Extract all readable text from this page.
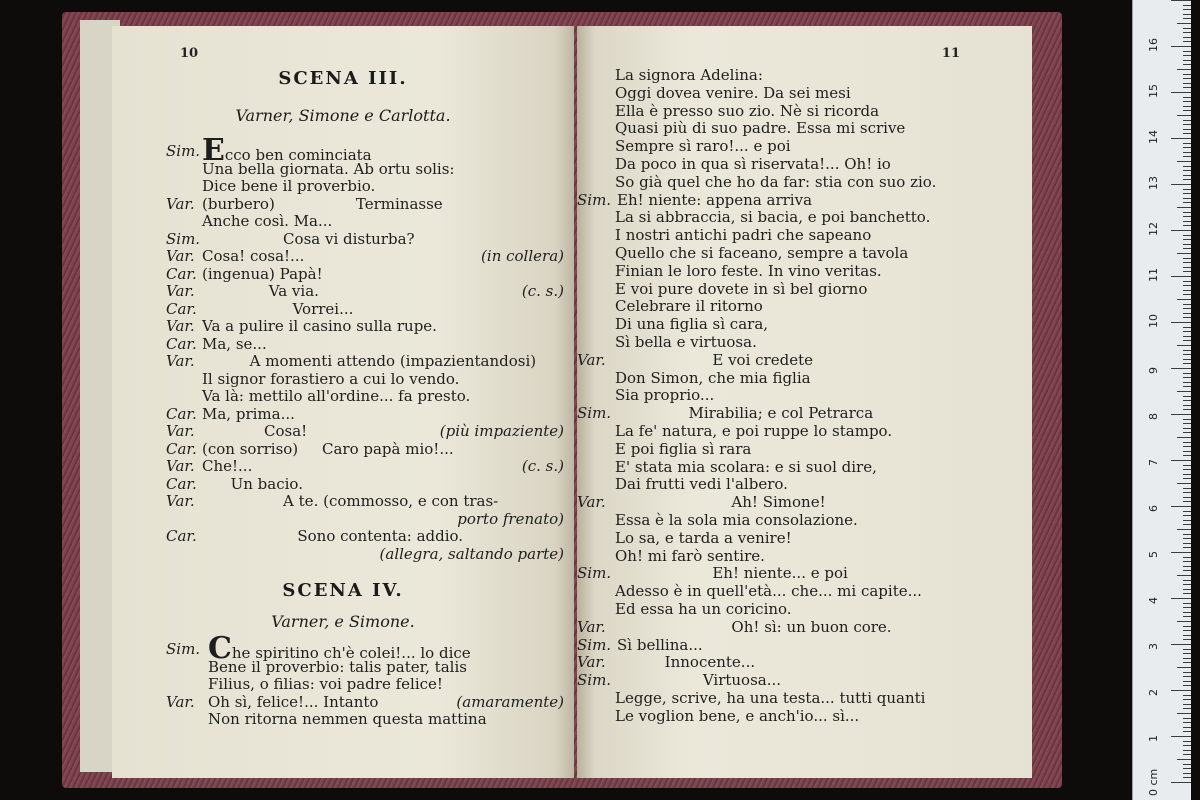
10
SCENA III.
Varner, Simone e Carlotta.
Sim. Ecco ben cominciata
Una bella giornata. Ab ortu solis:
Dice bene il proverbio.
Var. (burbero)                 Terminasse
Anche così. Ma...
Sim. Cosa vi disturba?
Var. Cosa! cosa!...	(in collera)
Car. (ingenua) Papà!
Var. Va via.	(c. s.)
Car. Vorrei...
Var. Va a pulire il casino sulla rupe.
Car. Ma, se...
Var. A momenti attendo (impazientandosi)
Il signor forastiero a cui lo vendo.
Va là: mettilo all'ordine... fa presto.
Car. Ma, prima...
Var. Cosa!	(più impaziente)
Car. (con sorriso)     Caro papà mio!...
Var. Che!...	(c. s.)
Car. Un bacio.
Var. A te. (commosso, e con tras-
porto frenato)
Car. Sono contenta: addio.
(allegra, saltando parte)
SCENA IV.
Varner, e Simone.
Sim. Che spiritino ch'è colei!... lo dice
Bene il proverbio: talis pater, talis
Filius, o filias: voi padre felice!
Var. Oh sì, felice!... Intanto	(amaramente)
Non ritorna nemmen questa mattina
11
La signora Adelina:
Oggi dovea venire. Da sei mesi
Ella è presso suo zio. Nè si ricorda
Quasi più di suo padre. Essa mi scrive
Sempre sì raro!... e poi
Da poco in qua sì riservata!... Oh! io
So già quel che ho da far: stia con suo zio.
Sim. Eh! niente: appena arriva
La si abbraccia, si bacia, e poi banchetto.
I nostri antichi padri che sapeano
Quello che si faceano, sempre a tavola
Finian le loro feste. In vino veritas.
E voi pure dovete in sì bel giorno
Celebrare il ritorno
Di una figlia sì cara,
Sì bella e virtuosa.
Var. E voi credete
Don Simon, che mia figlia
Sia proprio...
Sim. Mirabilia; e col Petrarca
La fe' natura, e poi ruppe lo stampo.
E poi figlia sì rara
E' stata mia scolara: e si suol dire,
Dai frutti vedi l'albero.
Var. Ah! Simone!
Essa è la sola mia consolazione.
Lo sa, e tarda a venire!
Oh! mi farò sentire.
Sim. Eh! niente... e poi
Adesso è in quell'età... che... mi capite...
Ed essa ha un coricino.
Var. Oh! sì: un buon core.
Sim. Sì bellina...
Var. Innocente...
Sim. Virtuosa...
Legge, scrive, ha una testa... tutti quanti
Le voglion bene, e anch'io... sì...
1
2
3
4
5
6
7
8
9
10
11
12
13
14
15
16
0 cm
